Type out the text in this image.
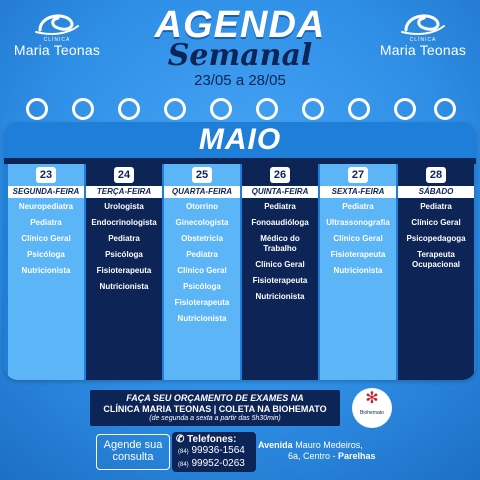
CLÍNICA
Maria Teonas
CLÍNICA
Maria Teonas
AGENDA
Semanal
23/05 a 28/05
MAIO
23
SEGUNDA-FEIRA
Neuropediatra
Pediatra
Clínico Geral
Psicóloga
Nutricionista
24
TERÇA-FEIRA
Urologista
Endocrinologista
Pediatra
Psicóloga
Fisioterapeuta
Nutricionista
25
QUARTA-FEIRA
Otorrino
Ginecologista
Obstetrícia
Pediatra
Clínico Geral
Psicóloga
Fisioterapeuta
Nutricionista
26
QUINTA-FEIRA
Pediatra
Fonoaudióloga
Médico do Trabalho
Clínico Geral
Fisioterapeuta
Nutricionista
27
SEXTA-FEIRA
Pediatra
Ultrassonografia
Clínico Geral
Fisioterapeuta
Nutricionista
28
SÁBADO
Pediatra
Clínico Geral
Psicopedagoga
Terapeuta Ocupacional
FAÇA SEU ORÇAMENTO DE EXAMES NA
CLÍNICA MARIA TEONAS | COLETA NA BIOHEMATO
(de segunda a sexta a partir das 5h30min)
✻
Biohemato
Agende sua
consulta
✆ Telefones:
(84) 99936-1564
(84) 99952-0263
Avenida Mauro Medeiros,
6a, Centro - Parelhas
